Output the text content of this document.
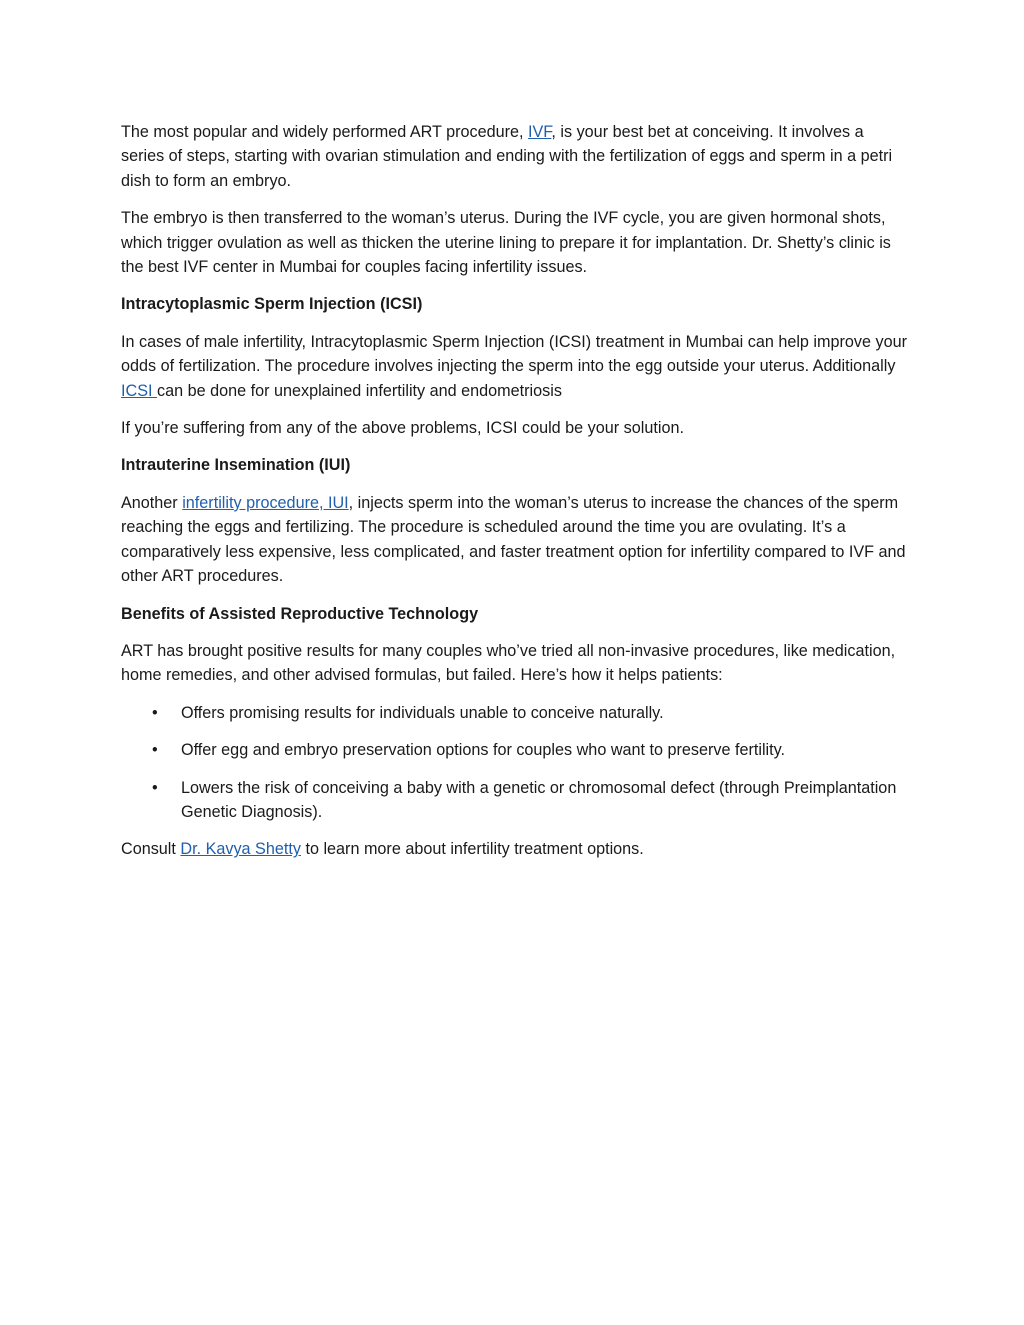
The most popular and widely performed ART procedure, IVF, is your best bet at conceiving. It involves a series of steps, starting with ovarian stimulation and ending with the fertilization of eggs and sperm in a petri dish to form an embryo.

The embryo is then transferred to the woman’s uterus. During the IVF cycle, you are given hormonal shots, which trigger ovulation as well as thicken the uterine lining to prepare it for implantation. Dr. Shetty’s clinic is the best IVF center in Mumbai for couples facing infertility issues.

Intracytoplasmic Sperm Injection (ICSI)

In cases of male infertility, Intracytoplasmic Sperm Injection (ICSI) treatment in Mumbai can help improve your odds of fertilization. The procedure involves injecting the sperm into the egg outside your uterus. Additionally ICSI can be done for unexplained infertility and endometriosis

If you’re suffering from any of the above problems, ICSI could be your solution.

Intrauterine Insemination (IUI)

Another infertility procedure, IUI, injects sperm into the woman’s uterus to increase the chances of the sperm reaching the eggs and fertilizing. The procedure is scheduled around the time you are ovulating. It’s a comparatively less expensive, less complicated, and faster treatment option for infertility compared to IVF and other ART procedures.

Benefits of Assisted Reproductive Technology

ART has brought positive results for many couples who’ve tried all non-invasive procedures, like medication, home remedies, and other advised formulas, but failed. Here’s how it helps patients:

• Offers promising results for individuals unable to conceive naturally.
• Offer egg and embryo preservation options for couples who want to preserve fertility.
• Lowers the risk of conceiving a baby with a genetic or chromosomal defect (through Preimplantation Genetic Diagnosis).

Consult Dr. Kavya Shetty to learn more about infertility treatment options.
